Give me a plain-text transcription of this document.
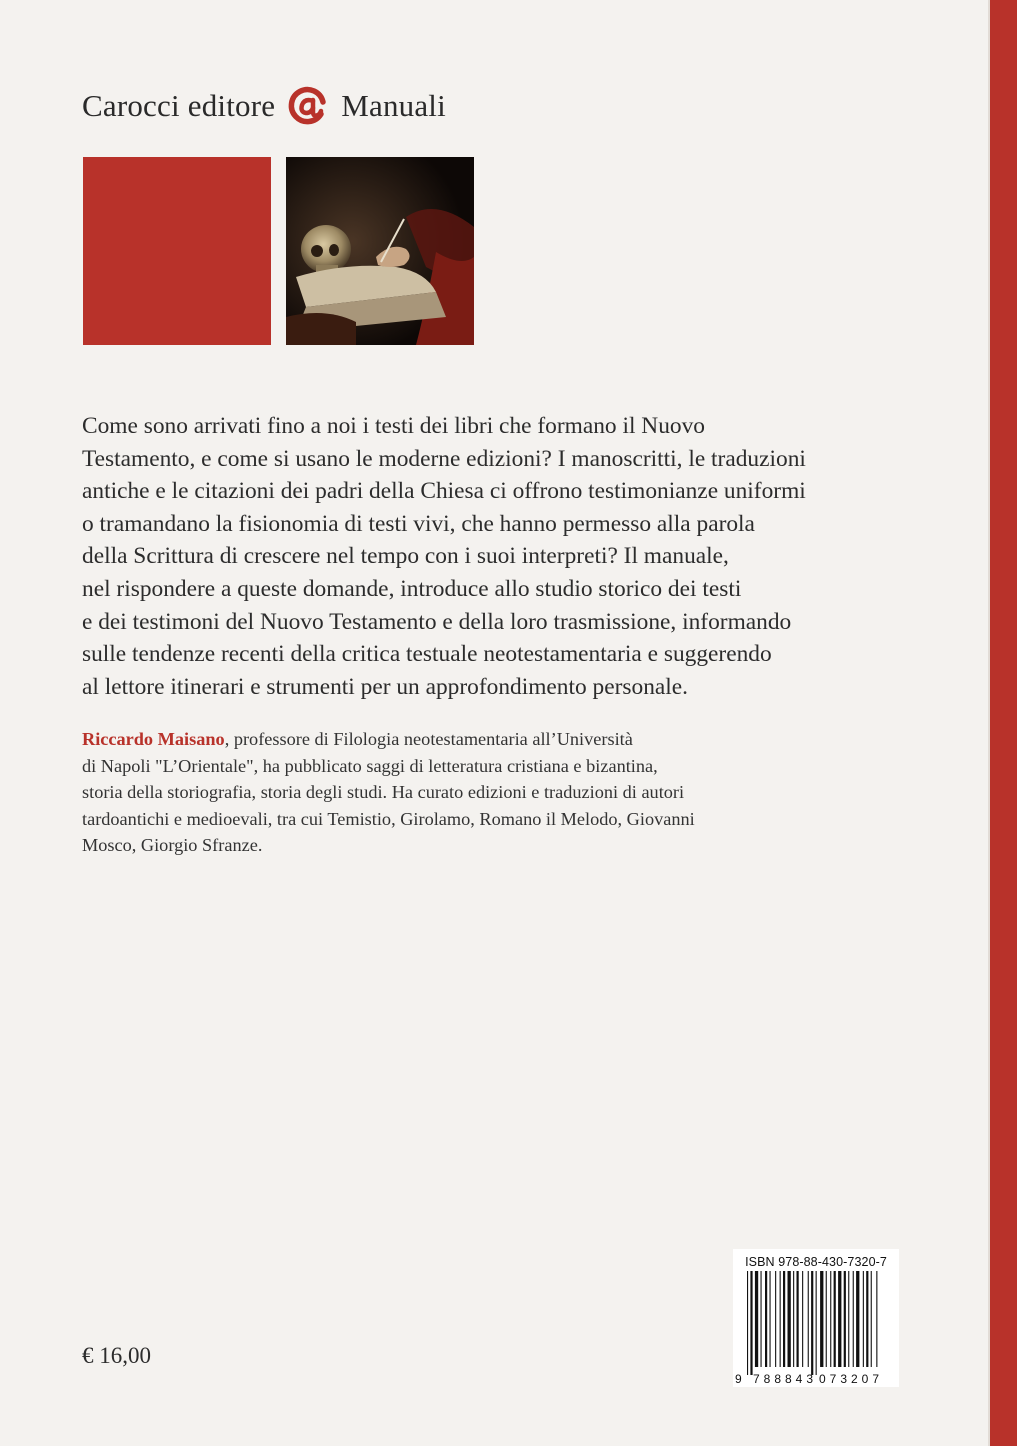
Carocci editore Manuali

Come sono arrivati fino a noi i testi dei libri che formano il Nuovo

Testamento, e come si usano le moderne edizioni? I manoscritti, le traduzioni

antiche e le citazioni dei padri della Chiesa ci offrono testimonianze uniformi

o tramandano la fisionomia di testi vivi, che hanno permesso alla parola

della Scrittura di crescere nel tempo con i suoi interpreti? Il manuale,

nel rispondere a queste domande, introduce allo studio storico dei testi

e dei testimoni del Nuovo Testamento e della loro trasmissione, informando

sulle tendenze recenti della critica testuale neotestamentaria e suggerendo

al lettore itinerari e strumenti per un approfondimento personale.

Riccardo Maisano, professore di Filologia neotestamentaria all’Università

di Napoli "L’Orientale", ha pubblicato saggi di letteratura cristiana e bizantina,

storia della storiografia, storia degli studi. Ha curato edizioni e traduzioni di autori

tardoantichi e medioevali, tra cui Temistio, Girolamo, Romano il Melodo, Giovanni

Mosco, Giorgio Sfranze.

€ 16,00
ISBN 978-88-430-7320-7
9 788843 073207
